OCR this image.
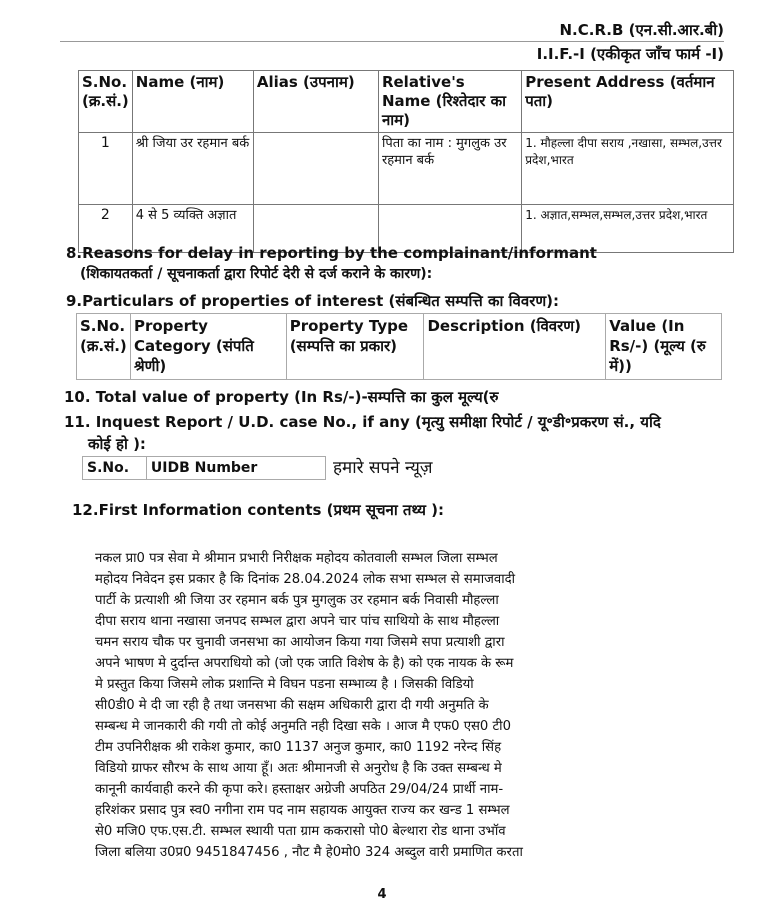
N.C.R.B (एन.सी.आर.बी)
I.I.F.-I (एकीकृत जाँच फार्म -I)
S.No. (क्र.सं.)	Name (नाम)	Alias (उपनाम)	Relative's Name (रिश्तेदार का नाम)	Present Address (वर्तमान पता)
1	श्री जिया उर रहमान बर्क		पिता का नाम : मुगलुक उर रहमान बर्क	1. मौहल्ला दीपा सराय ,नखासा, सम्भल,उत्तर प्रदेश,भारत
2	4 से 5 व्यक्ति अज्ञात			1. अज्ञात,सम्भल,सम्भल,उत्तर प्रदेश,भारत
8.Reasons for delay in reporting by the complainant/informant
(शिकायतकर्ता / सूचनाकर्ता द्वारा रिपोर्ट देरी से दर्ज कराने के कारण):
9.Particulars of properties of interest (संबन्धित सम्पत्ति का विवरण):
S.No. (क्र.सं.)	Property Category (संपति श्रेणी)	Property Type (सम्पत्ति का प्रकार)	Description (विवरण)	Value (In Rs/-) (मूल्य (रु में))
10. Total value of property (In Rs/-)-सम्पत्ति का कुल मूल्य(रु
11. Inquest Report / U.D. case No., if any (मृत्यु समीक्षा रिपोर्ट / यू॰डी॰प्रकरण सं., यदि
कोई हो ):
S.No.	UIDB Number	हमारे सपने न्यूज़
12.First Information contents (प्रथम सूचना तथ्य ):
नकल प्रा0 पत्र सेवा मे श्रीमान प्रभारी निरीक्षक महोदय कोतवाली सम्भल जिला सम्भल
महोदय निवेदन इस प्रकार है कि दिनांक 28.04.2024 लोक सभा सम्भल से समाजवादी
पार्टी के प्रत्याशी श्री जिया उर रहमान बर्क पुत्र मुगलुक उर रहमान बर्क निवासी मौहल्ला
दीपा सराय थाना नखासा जनपद सम्भल द्वारा अपने चार पांच साथियो के साथ मौहल्ला
चमन सराय चौक पर चुनावी जनसभा का आयोजन किया गया जिसमे सपा प्रत्याशी द्वारा
अपने भाषण मे दुर्दान्त अपराधियो को (जो एक जाति विशेष के है) को एक नायक के रूम
मे प्रस्तुत किया जिसमे लोक प्रशान्ति मे विघन पडना सम्भाव्य है । जिसकी विडियो
सी0डी0 मे दी जा रही है तथा जनसभा की सक्षम अधिकारी द्वारा दी गयी अनुमति के
सम्बन्ध मे जानकारी की गयी तो कोई अनुमति नही दिखा सके । आज मै एफ0 एस0 टी0
टीम उपनिरीक्षक श्री राकेश कुमार, का0 1137 अनुज कुमार, का0 1192 नरेन्द सिंह
विडियो ग्राफर सौरभ के साथ आया हूँ। अतः श्रीमानजी से अनुरोध है कि उक्त सम्बन्ध मे
कानूनी कार्यवाही करने की कृपा करे। हस्ताक्षर अग्रेजी अपठित 29/04/24 प्रार्थी नाम-
हरिशंकर प्रसाद पुत्र स्व0 नगीना राम पद नाम सहायक आयुक्त राज्य कर खन्ड 1 सम्भल
से0 मजि0 एफ.एस.टी. सम्भल स्थायी पता ग्राम ककरासो पो0 बेल्थारा रोड थाना उभॉव
जिला बलिया उ0प्र0 9451847456 , नौट मै हे0मो0 324 अब्दुल वारी प्रमाणित करता
4
